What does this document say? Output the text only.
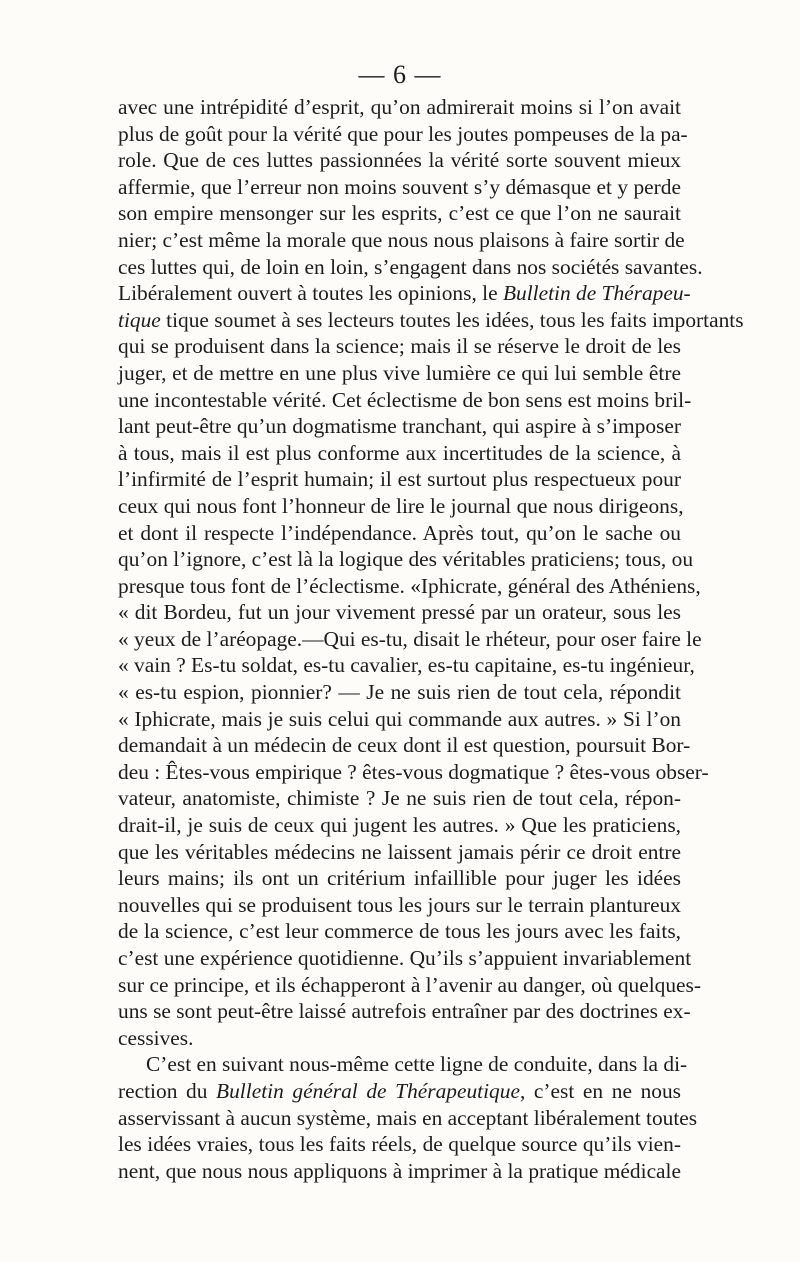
— 6 —
avec une intrépidité d’esprit, qu’on admirerait moins si l’on avait
plus de goût pour la vérité que pour les joutes pompeuses de la pa-
role. Que de ces luttes passionnées la vérité sorte souvent mieux
affermie, que l’erreur non moins souvent s’y démasque et y perde
son empire mensonger sur les esprits, c’est ce que l’on ne saurait
nier; c’est même la morale que nous nous plaisons à faire sortir de
ces luttes qui, de loin en loin, s’engagent dans nos sociétés savantes.
Libéralement ouvert à toutes les opinions, le Bulletin de Thérapeu-
tique tique soumet à ses lecteurs toutes les idées, tous les faits importants
qui se produisent dans la science; mais il se réserve le droit de les
juger, et de mettre en une plus vive lumière ce qui lui semble être
une incontestable vérité. Cet éclectisme de bon sens est moins bril-
lant peut-être qu’un dogmatisme tranchant, qui aspire à s’imposer
à tous, mais il est plus conforme aux incertitudes de la science, à
l’infirmité de l’esprit humain; il est surtout plus respectueux pour
ceux qui nous font l’honneur de lire le journal que nous dirigeons,
et dont il respecte l’indépendance. Après tout, qu’on le sache ou
qu’on l’ignore, c’est là la logique des véritables praticiens; tous, ou
presque tous font de l’éclectisme. «Iphicrate, général des Athéniens,
« dit Bordeu, fut un jour vivement pressé par un orateur, sous les
« yeux de l’aréopage.—Qui es-tu, disait le rhéteur, pour oser faire le
« vain ? Es-tu soldat, es-tu cavalier, es-tu capitaine, es-tu ingénieur,
« es-tu espion, pionnier? — Je ne suis rien de tout cela, répondit
« Iphicrate, mais je suis celui qui commande aux autres. » Si l’on
demandait à un médecin de ceux dont il est question, poursuit Bor-
deu : Êtes-vous empirique ? êtes-vous dogmatique ? êtes-vous obser-
vateur, anatomiste, chimiste ? Je ne suis rien de tout cela, répon-
drait-il, je suis de ceux qui jugent les autres. » Que les praticiens,
que les véritables médecins ne laissent jamais périr ce droit entre
leurs mains; ils ont un critérium infaillible pour juger les idées
nouvelles qui se produisent tous les jours sur le terrain plantureux
de la science, c’est leur commerce de tous les jours avec les faits,
c’est une expérience quotidienne. Qu’ils s’appuient invariablement
sur ce principe, et ils échapperont à l’avenir au danger, où quelques-
uns se sont peut-être laissé autrefois entraîner par des doctrines ex-
cessives.
C’est en suivant nous-même cette ligne de conduite, dans la di-
rection du Bulletin général de Thérapeutique, c’est en ne nous
asservissant à aucun système, mais en acceptant libéralement toutes
les idées vraies, tous les faits réels, de quelque source qu’ils vien-
nent, que nous nous appliquons à imprimer à la pratique médicale
